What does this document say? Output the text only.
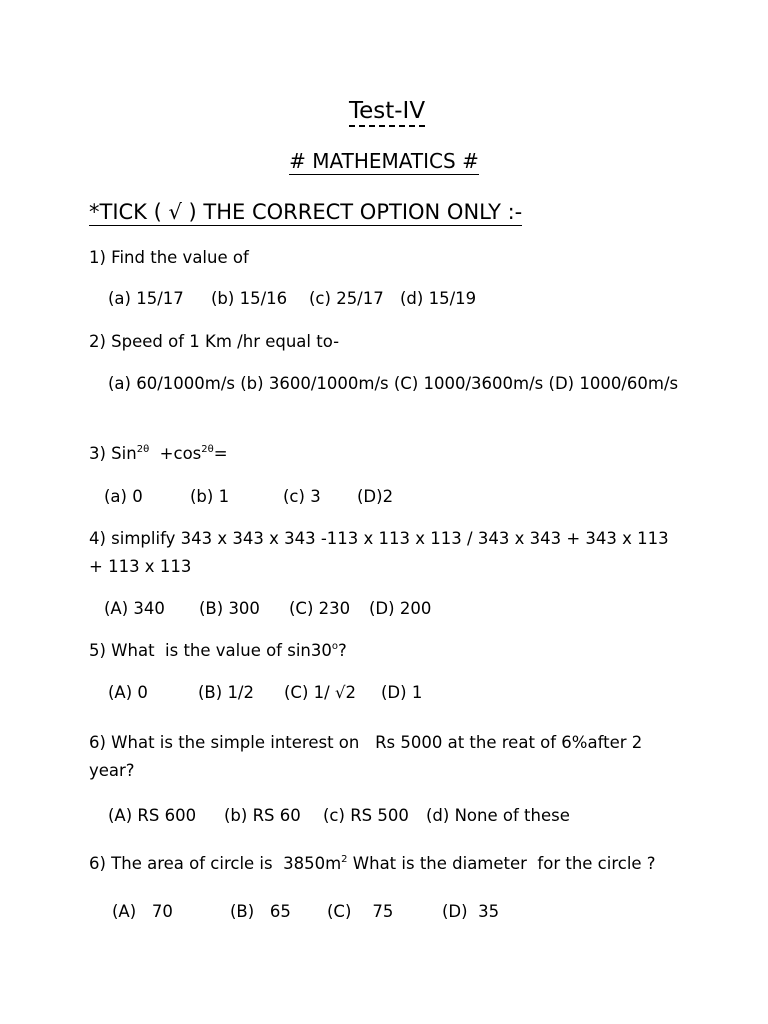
Test-IV
# MATHEMATICS #
*TICK ( √ ) THE CORRECT OPTION ONLY :-
1) Find the value of
(a) 15/17 (b) 15/16 (c) 25/17 (d) 15/19
2) Speed of 1 Km /hr equal to-
(a) 60/1000m/s (b) 3600/1000m/s (C) 1000/3600m/s (D) 1000/60m/s
3) $Sin^{2\theta} +\cos^{2\theta}=$
(a) 0	(b) 1	(c) 3 (D)2
4) simplify 343 x 343 x 343 -113 x 113 x 113 / 343 x 343 + 343 x 113 + 113 x 113
(A) 340 (B) 300 (C) 230 (D) 200
5) What  is the value of sin30$^o$?
(A) 0	(B) 1/2 (C) 1/ √2 (D) 1
6) What is the simple interest on   Rs 5000 at the reat of 6%after 2 year?
(A) RS 600 (b) RS 60 (c) RS 500 (d) None of these
6) The area of circle is  $3850m^2$ What is the diameter  for the circle ?
(A)   70	(B)   65 (C)    75	(D)  35
